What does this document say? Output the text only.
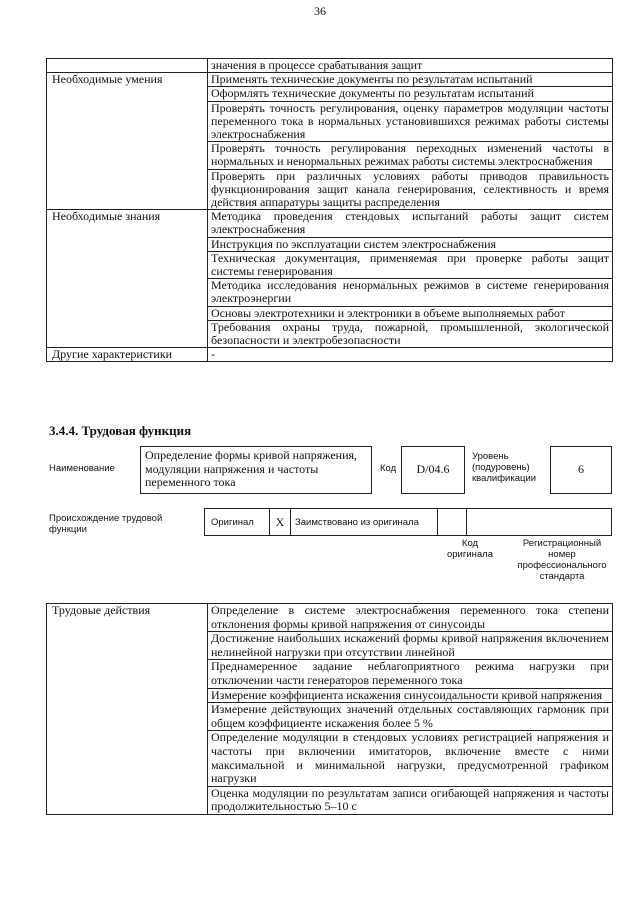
36
	значения в процессе срабатывания защит
Необходимые умения	Применять технические документы по результатам испытаний
	Оформлять технические документы по результатам испытаний
	Проверять точность регулирования, оценку параметров модуляции частоты переменного тока в нормальных установившихся режимах работы системы электроснабжения
	Проверять точность регулирования переходных изменений частоты в нормальных и ненормальных режимах работы системы электроснабжения
	Проверять при различных условиях работы приводов правильность функционирования защит канала генерирования, селективность и время действия аппаратуры защиты распределения
Необходимые знания	Методика проведения стендовых испытаний работы защит систем электроснабжения
	Инструкция по эксплуатации систем электроснабжения
	Техническая документация, применяемая при проверке работы защит системы генерирования
	Методика исследования ненормальных режимов в системе генерирования электроэнергии
	Основы электротехники и электроники в объеме выполняемых работ
	Требования охраны труда, пожарной, промышленной, экологической безопасности и электробезопасности
Другие характеристики	-
3.4.4. Трудовая функция
Наименование
Определение формы кривой напряжения, модуляции напряжения и частоты переменного тока
Код	D/04.6
Уровень (подуровень) квалификации
6
Происхождение трудовой функции
Оригинал	X	Заимствовано из оригинала
Код оригинала
Регистрационный номер профессионального стандарта
Трудовые действия	Определение в системе электроснабжения переменного тока степени отклонения формы кривой напряжения от синусоиды
Достижение наибольших искажений формы кривой напряжения включением нелинейной нагрузки при отсутствии линейной
Преднамеренное задание неблагоприятного режима нагрузки при отключении части генераторов переменного тока
Измерение коэффициента искажения синусоидальности кривой напряжения
Измерение действующих значений отдельных составляющих гармоник при общем коэффициенте искажения более 5 %
Определение модуляции в стендовых условиях регистрацией напряжения и частоты при включении имитаторов, включение вместе с ними максимальной и минимальной нагрузки, предусмотренной графиком нагрузки
Оценка модуляции по результатам записи огибающей напряжения и частоты продолжительностью 5–10 с
